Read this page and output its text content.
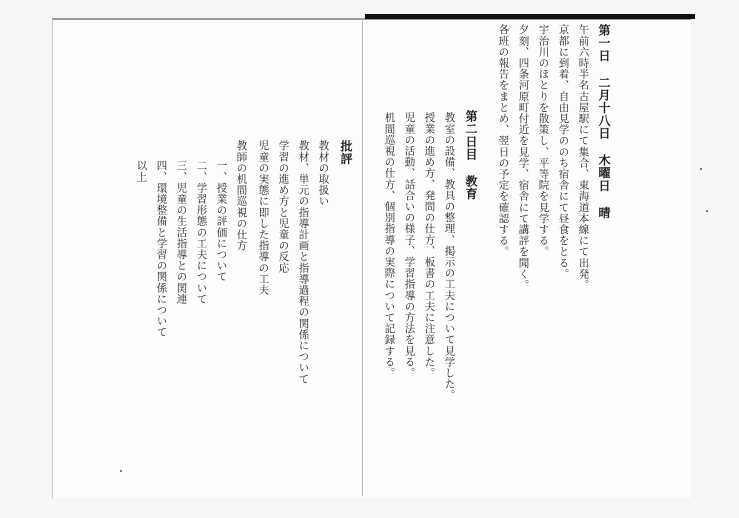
第一日 二月十八日 木曜日 晴
午前六時半名古屋駅にて集合、東海道本線にて出発。
京都に到着、自由見学ののち宿舎にて昼食をとる。
宇治川のほとりを散策し、平等院を見学する。
夕刻、四条河原町付近を見学、宿舎にて講評を聞く。
各班の報告をまとめ、翌日の予定を確認する。
第二日目 教育
教室の設備、教具の整理、掲示の工夫について見学した。
授業の進め方、発問の仕方、板書の工夫に注意した。
児童の活動、話合いの様子、学習指導の方法を見る。
机間巡視の仕方、個別指導の実際について記録する。
批評
教材の取扱い
教材、単元の指導計画と指導過程の関係について
学習の進め方と児童の反応
児童の実態に即した指導の工夫
教師の机間巡視の仕方
一、授業の評価について
二、学習形態の工夫について
三、児童の生活指導との関連
四、環境整備と学習の関係について
以上
